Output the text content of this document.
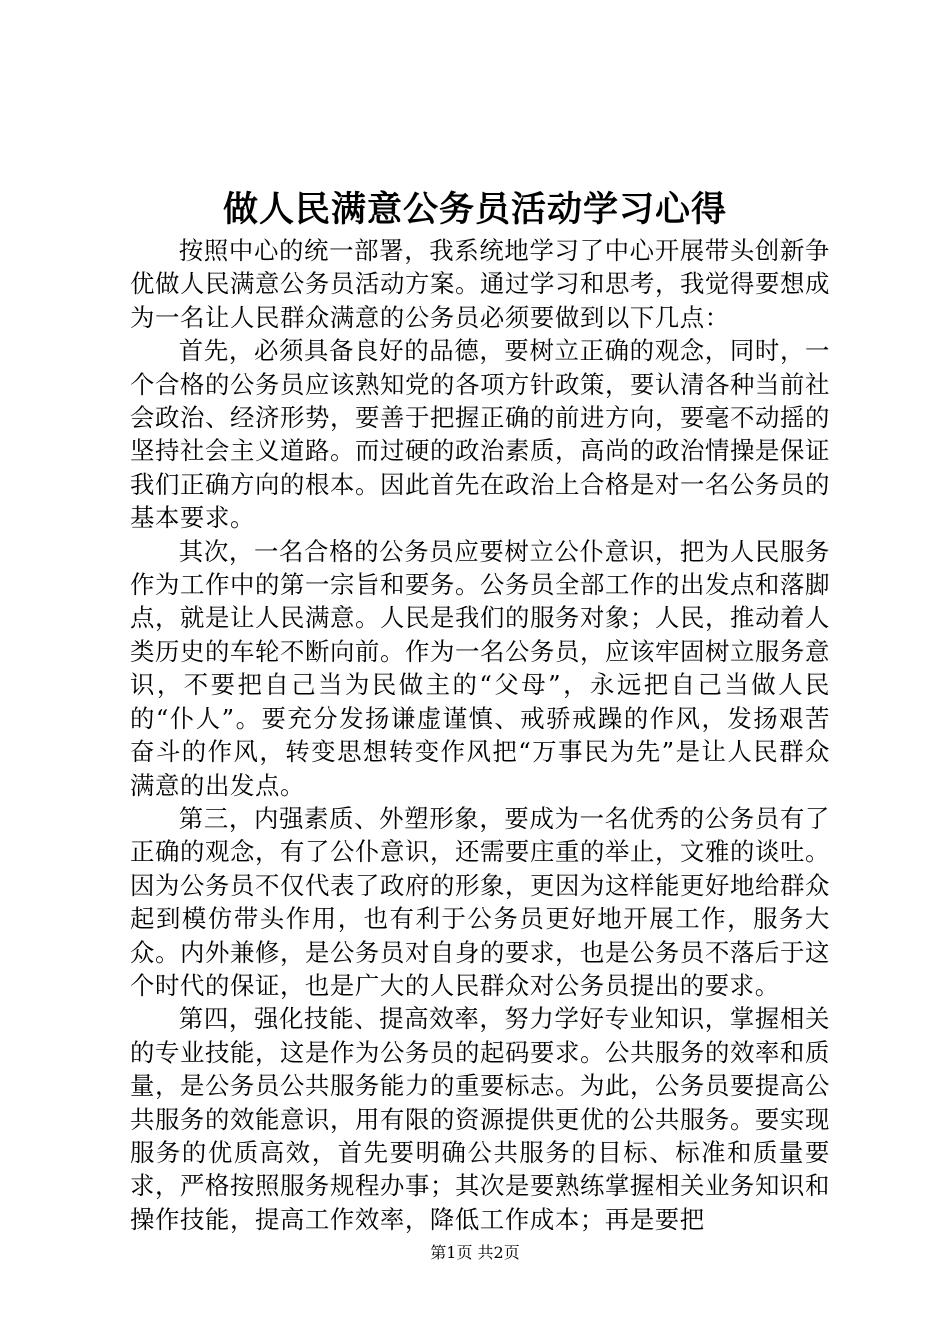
做人民满意公务员活动学习心得

按照中心的统一部署，我系统地学习了中心开展带头创新争优做人民满意公务员活动方案。通过学习和思考，我觉得要想成为一名让人民群众满意的公务员必须要做到以下几点：

首先，必须具备良好的品德，要树立正确的观念，同时，一个合格的公务员应该熟知党的各项方针政策，要认清各种当前社会政治、经济形势，要善于把握正确的前进方向，要毫不动摇的坚持社会主义道路。而过硬的政治素质，高尚的政治情操是保证我们正确方向的根本。因此首先在政治上合格是对一名公务员的基本要求。

其次，一名合格的公务员应要树立公仆意识，把为人民服务作为工作中的第一宗旨和要务。公务员全部工作的出发点和落脚点，就是让人民满意。人民是我们的服务对象；人民，推动着人类历史的车轮不断向前。作为一名公务员，应该牢固树立服务意识，不要把自己当为民做主的“父母”，永远把自己当做人民的“仆人”。要充分发扬谦虚谨慎、戒骄戒躁的作风，发扬艰苦奋斗的作风，转变思想转变作风把“万事民为先”是让人民群众满意的出发点。

第三，内强素质、外塑形象，要成为一名优秀的公务员有了正确的观念，有了公仆意识，还需要庄重的举止，文雅的谈吐。因为公务员不仅代表了政府的形象，更因为这样能更好地给群众起到模仿带头作用，也有利于公务员更好地开展工作，服务大众。内外兼修，是公务员对自身的要求，也是公务员不落后于这个时代的保证，也是广大的人民群众对公务员提出的要求。

第四，强化技能、提高效率，努力学好专业知识，掌握相关的专业技能，这是作为公务员的起码要求。公共服务的效率和质量，是公务员公共服务能力的重要标志。为此，公务员要提高公共服务的效能意识，用有限的资源提供更优的公共服务。要实现服务的优质高效，首先要明确公共服务的目标、标准和质量要求，严格按照服务规程办事；其次是要熟练掌握相关业务知识和操作技能，提高工作效率，降低工作成本；再是要把

第1页 共2页
